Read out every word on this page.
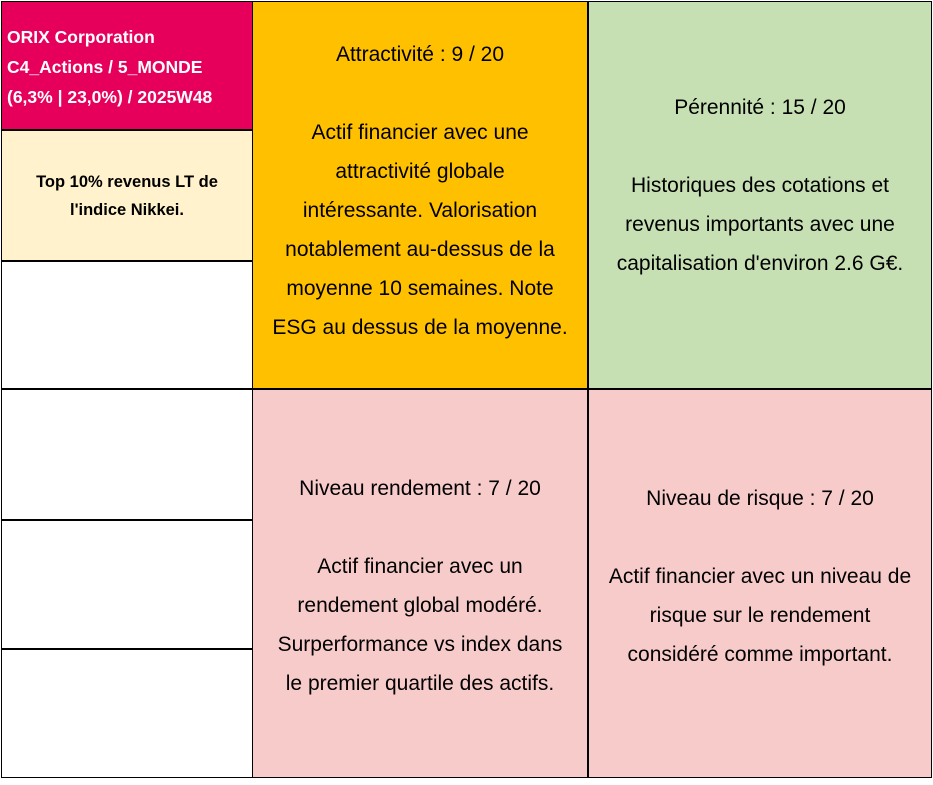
ORIX Corporation
C4_Actions / 5_MONDE
(6,3% | 23,0%) / 2025W48
Top 10% revenus LT de
l'indice Nikkei.
Attractivité : 9 / 20
Actif financier avec une
attractivité globale
intéressante. Valorisation
notablement au-dessus de la
moyenne 10 semaines. Note
ESG au dessus de la moyenne.
Pérennité : 15 / 20
Historiques des cotations et
revenus importants avec une
capitalisation d'environ 2.6 G€.
Niveau rendement : 7 / 20
Actif financier avec un
rendement global modéré.
Surperformance vs index dans
le premier quartile des actifs.
Niveau de risque : 7 / 20
Actif financier avec un niveau de
risque sur le rendement
considéré comme important.
